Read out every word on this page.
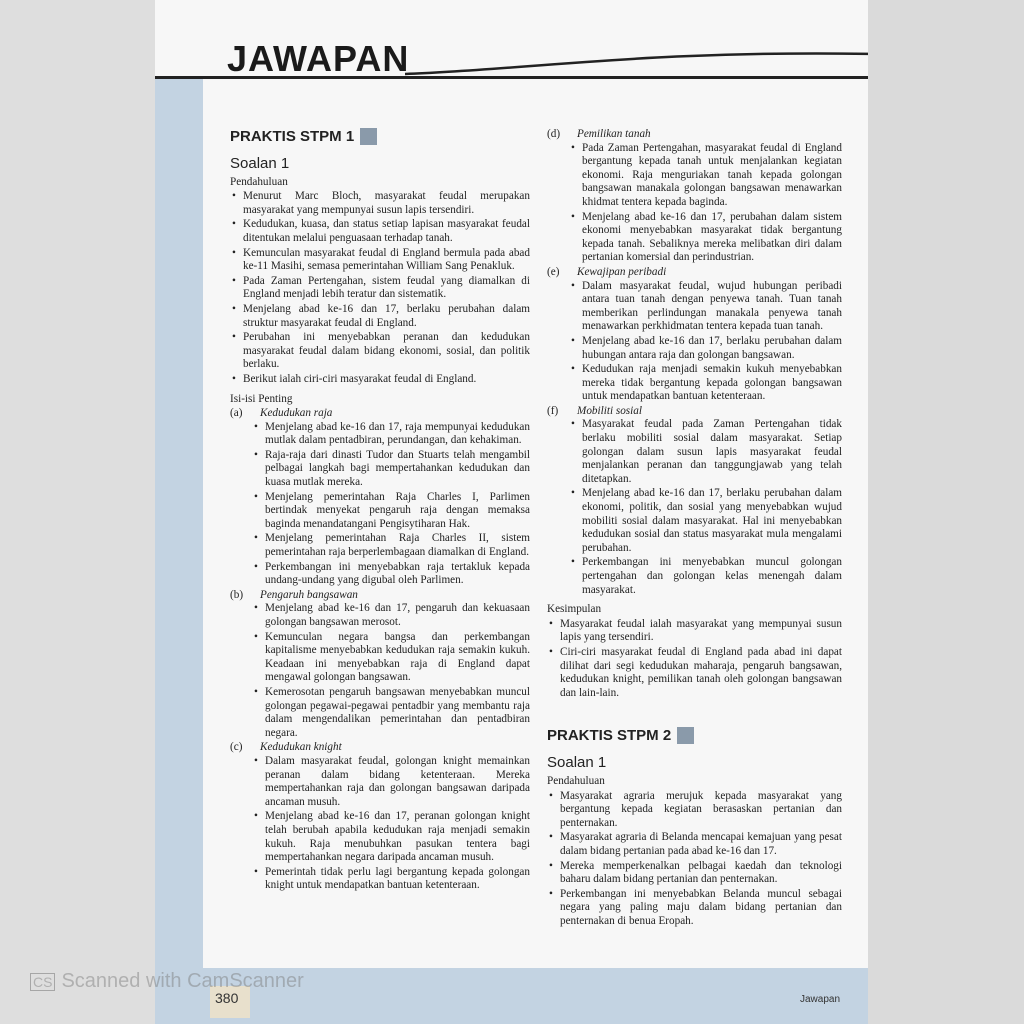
JAWAPAN
PRAKTIS STPM 1
Soalan 1
Pendahuluan
• Menurut Marc Bloch, masyarakat feudal merupakan masyarakat yang mempunyai susun lapis tersendiri.
• Kedudukan, kuasa, dan status setiap lapisan masyarakat feudal ditentukan melalui penguasaan terhadap tanah.
• Kemunculan masyarakat feudal di England bermula pada abad ke-11 Masihi, semasa pemerintahan William Sang Penakluk.
• Pada Zaman Pertengahan, sistem feudal yang diamalkan di England menjadi lebih teratur dan sistematik.
• Menjelang abad ke-16 dan 17, berlaku perubahan dalam struktur masyarakat feudal di England.
• Perubahan ini menyebabkan peranan dan kedudukan masyarakat feudal dalam bidang ekonomi, sosial, dan politik berlaku.
• Berikut ialah ciri-ciri masyarakat feudal di England.
Isi-isi Penting
(a)	Kedudukan raja
• Menjelang abad ke-16 dan 17, raja mempunyai kedudukan mutlak dalam pentadbiran, perundangan, dan kehakiman.
• Raja-raja dari dinasti Tudor dan Stuarts telah mengambil pelbagai langkah bagi mempertahankan kedudukan dan kuasa mutlak mereka.
• Menjelang pemerintahan Raja Charles I, Parlimen bertindak menyekat pengaruh raja dengan memaksa baginda menandatangani Pengisytiharan Hak.
• Menjelang pemerintahan Raja Charles II, sistem pemerintahan raja berperlembagaan diamalkan di England.
• Perkembangan ini menyebabkan raja tertakluk kepada undang-undang yang digubal oleh Parlimen.
(b)	Pengaruh bangsawan
• Menjelang abad ke-16 dan 17, pengaruh dan kekuasaan golongan bangsawan merosot.
• Kemunculan negara bangsa dan perkembangan kapitalisme menyebabkan kedudukan raja semakin kukuh. Keadaan ini menyebabkan raja di England dapat mengawal golongan bangsawan.
• Kemerosotan pengaruh bangsawan menyebabkan muncul golongan pegawai-pegawai pentadbir yang membantu raja dalam mengendalikan pemerintahan dan pentadbiran negara.
(c)	Kedudukan knight
• Dalam masyarakat feudal, golongan knight memainkan peranan dalam bidang ketenteraan. Mereka mempertahankan raja dan golongan bangsawan daripada ancaman musuh.
• Menjelang abad ke-16 dan 17, peranan golongan knight telah berubah apabila kedudukan raja menjadi semakin kukuh. Raja menubuhkan pasukan tentera bagi mempertahankan negara daripada ancaman musuh.
• Pemerintah tidak perlu lagi bergantung kepada golongan knight untuk mendapatkan bantuan ketenteraan.
(d)	Pemilikan tanah
• Pada Zaman Pertengahan, masyarakat feudal di England bergantung kepada tanah untuk menjalankan kegiatan ekonomi. Raja menguriakan tanah kepada golongan bangsawan manakala golongan bangsawan menawarkan khidmat tentera kepada baginda.
• Menjelang abad ke-16 dan 17, perubahan dalam sistem ekonomi menyebabkan masyarakat tidak bergantung kepada tanah. Sebaliknya mereka melibatkan diri dalam pertanian komersial dan perindustrian.
(e)	Kewajipan peribadi
• Dalam masyarakat feudal, wujud hubungan peribadi antara tuan tanah dengan penyewa tanah. Tuan tanah memberikan perlindungan manakala penyewa tanah menawarkan perkhidmatan tentera kepada tuan tanah.
• Menjelang abad ke-16 dan 17, berlaku perubahan dalam hubungan antara raja dan golongan bangsawan.
• Kedudukan raja menjadi semakin kukuh menyebabkan mereka tidak bergantung kepada golongan bangsawan untuk mendapatkan bantuan ketenteraan.
(f)	Mobiliti sosial
• Masyarakat feudal pada Zaman Pertengahan tidak berlaku mobiliti sosial dalam masyarakat. Setiap golongan dalam susun lapis masyarakat feudal menjalankan peranan dan tanggungjawab yang telah ditetapkan.
• Menjelang abad ke-16 dan 17, berlaku perubahan dalam ekonomi, politik, dan sosial yang menyebabkan wujud mobiliti sosial dalam masyarakat. Hal ini menyebabkan kedudukan sosial dan status masyarakat mula mengalami perubahan.
• Perkembangan ini menyebabkan muncul golongan pertengahan dan golongan kelas menengah dalam masyarakat.
Kesimpulan
• Masyarakat feudal ialah masyarakat yang mempunyai susun lapis yang tersendiri.
• Ciri-ciri masyarakat feudal di England pada abad ini dapat dilihat dari segi kedudukan maharaja, pengaruh bangsawan, kedudukan knight, pemilikan tanah oleh golongan bangsawan dan lain-lain.
PRAKTIS STPM 2
Soalan 1
Pendahuluan
• Masyarakat agraria merujuk kepada masyarakat yang bergantung kepada kegiatan berasaskan pertanian dan penternakan.
• Masyarakat agraria di Belanda mencapai kemajuan yang pesat dalam bidang pertanian pada abad ke-16 dan 17.
• Mereka memperkenalkan pelbagai kaedah dan teknologi baharu dalam bidang pertanian dan penternakan.
• Perkembangan ini menyebabkan Belanda muncul sebagai negara yang paling maju dalam bidang pertanian dan penternakan di benua Eropah.
380	Jawapan
CS Scanned with CamScanner
